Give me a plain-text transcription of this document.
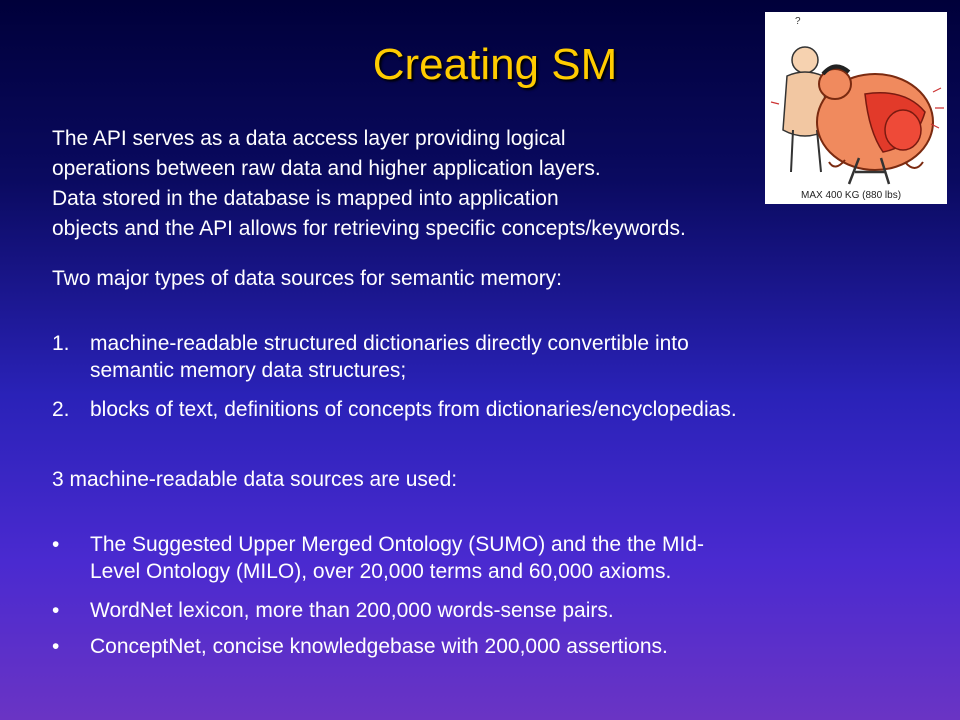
Creating SM
The API serves as a data access layer providing logical
operations between raw data and higher application layers.
Data stored in the database is mapped into application
objects and the API allows for retrieving specific concepts/keywords.

Two major types of data sources for semantic memory:

1. machine-readable structured dictionaries directly convertible into
semantic memory data structures;
2. blocks of text, definitions of concepts from dictionaries/encyclopedias.

3 machine-readable data sources are used:

• The Suggested Upper Merged Ontology (SUMO) and the the MId-
Level Ontology (MILO), over 20,000 terms and 60,000 axioms.
• WordNet lexicon, more than 200,000 words-sense pairs.
• ConceptNet, concise knowledgebase with 200,000 assertions.
?
MAX 400 KG (880 lbs)
